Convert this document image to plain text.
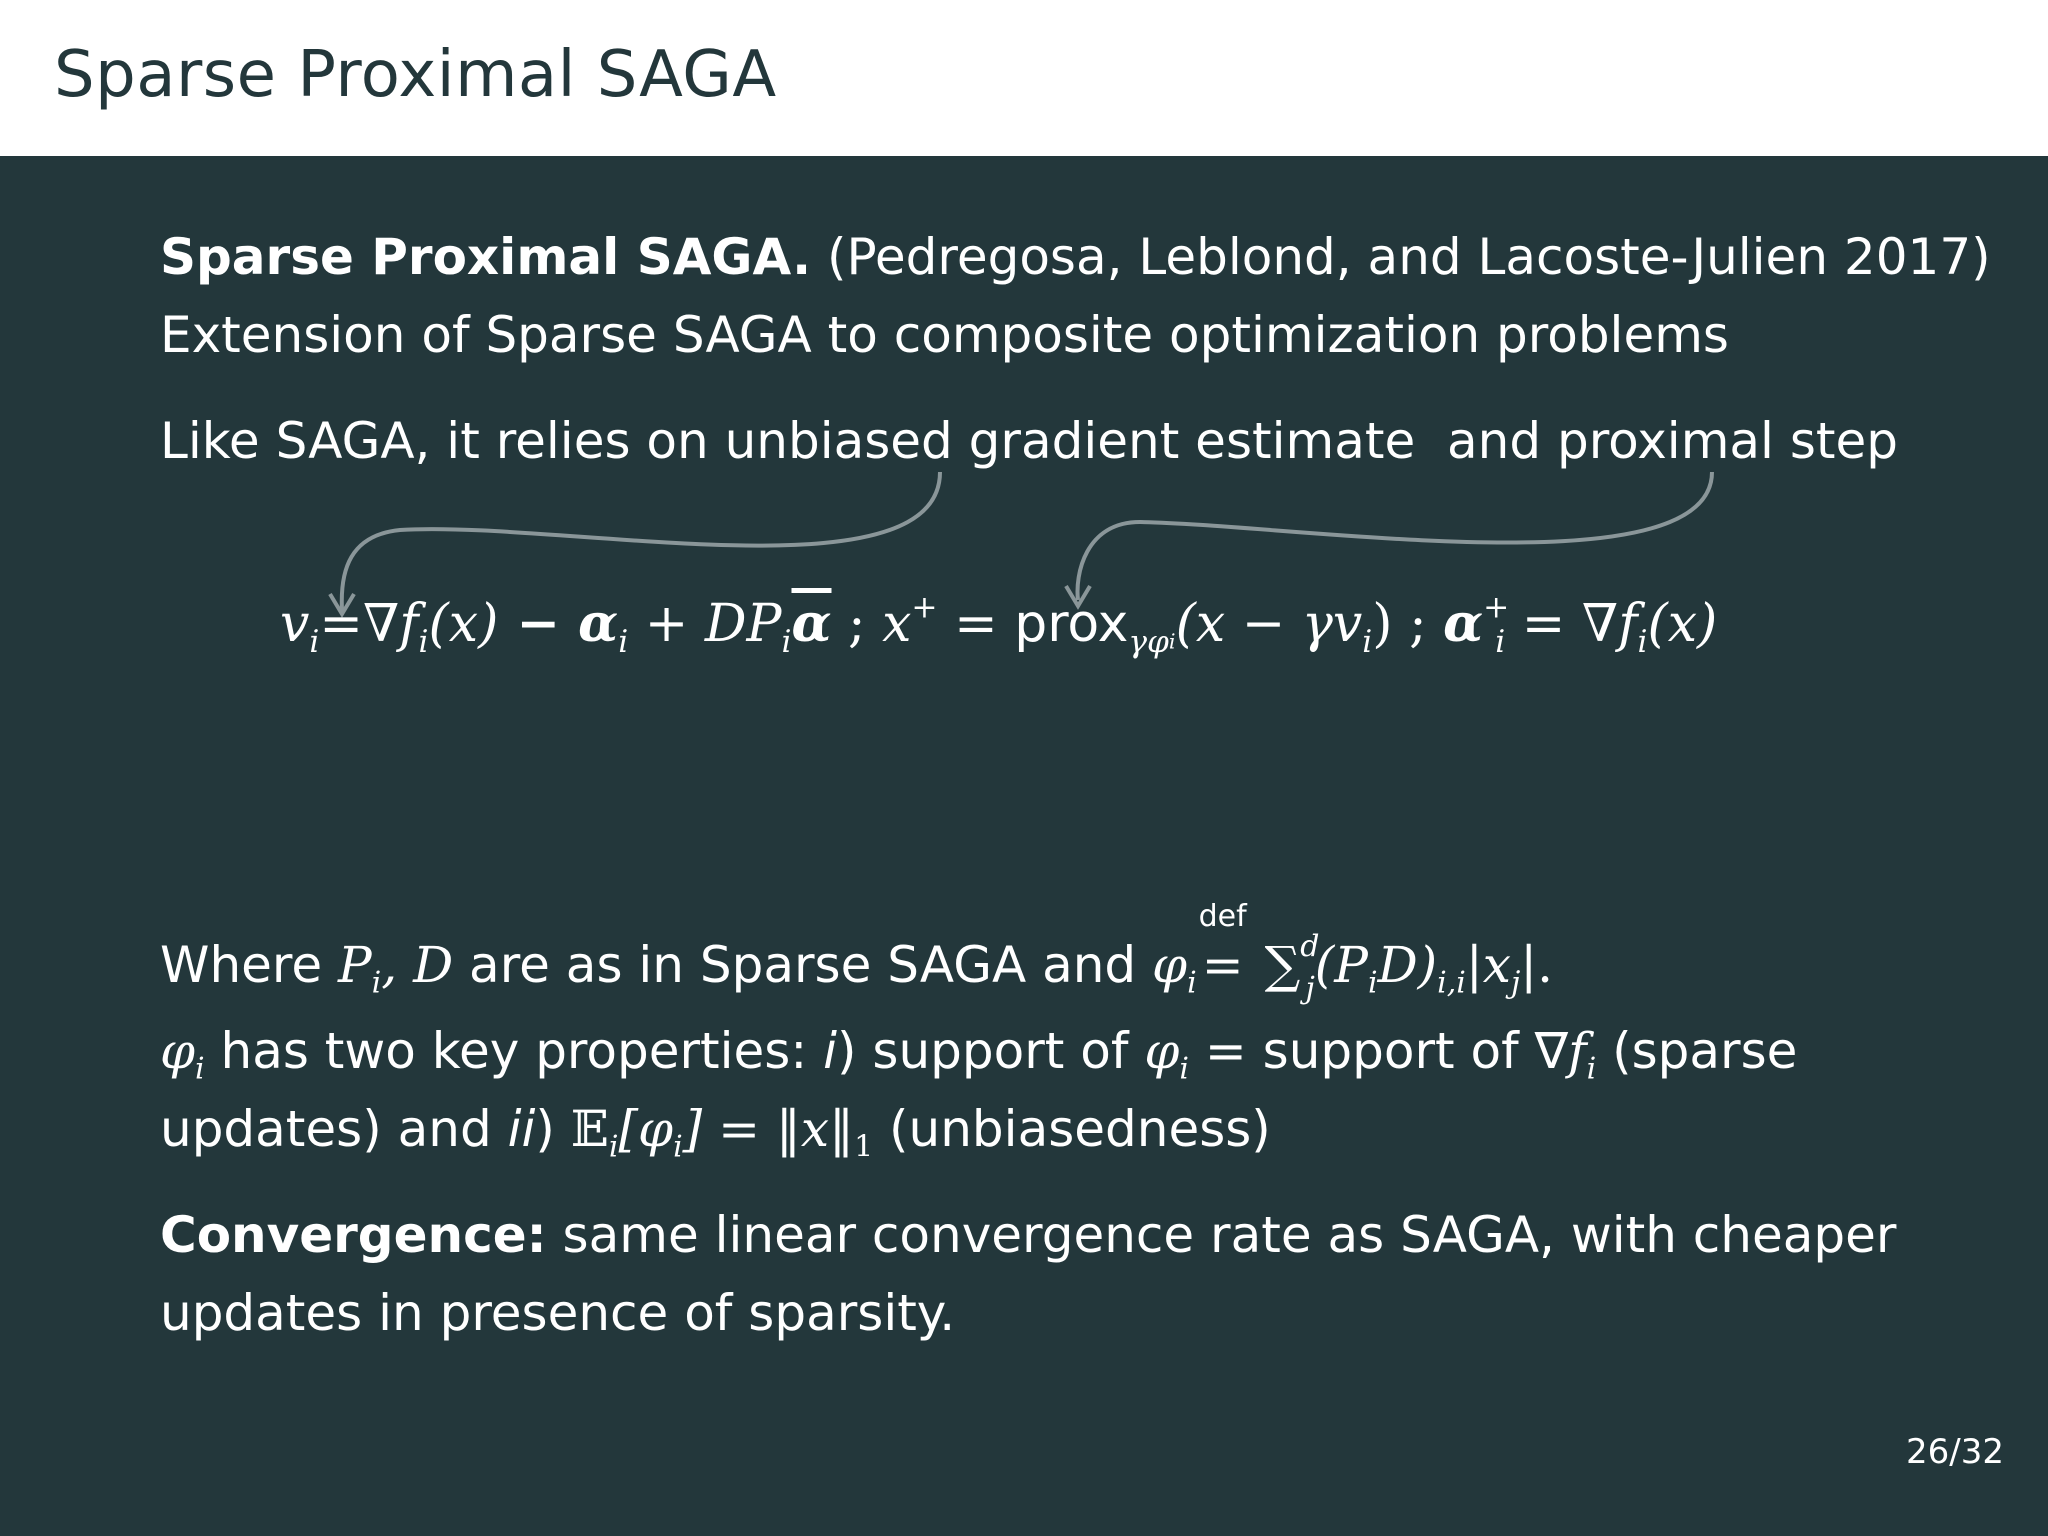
Sparse Proximal SAGA
Sparse Proximal SAGA. (Pedregosa, Leblond, and Lacoste-Julien 2017)
Extension of Sparse SAGA to composite optimization problems
Like SAGA, it relies on unbiased gradient estimate  and proximal step
$v_i=\nabla f_i(x) - \alpha_i + DP_i\overline{\alpha}$ ; x+ = prox$_{\gamma\varphi i}$(x − $\gamma v_i$) ; $\alpha^+_i = \nabla f_i(x)$
Where $P_i$, D are as in Sparse SAGA and $\varphi_i$
def
= $\sum^d_j(P_iD)_{i,i}|x_j|$.
$\varphi_i$ has two key properties: i) support of $\varphi_i$ = support of $\nabla f_i$ (sparse
updates) and ii) $𝔼_i[\varphi_i]$ = $‖x‖_1$ (unbiasedness)
Convergence: same linear convergence rate as SAGA, with cheaper
updates in presence of sparsity.
26/32
